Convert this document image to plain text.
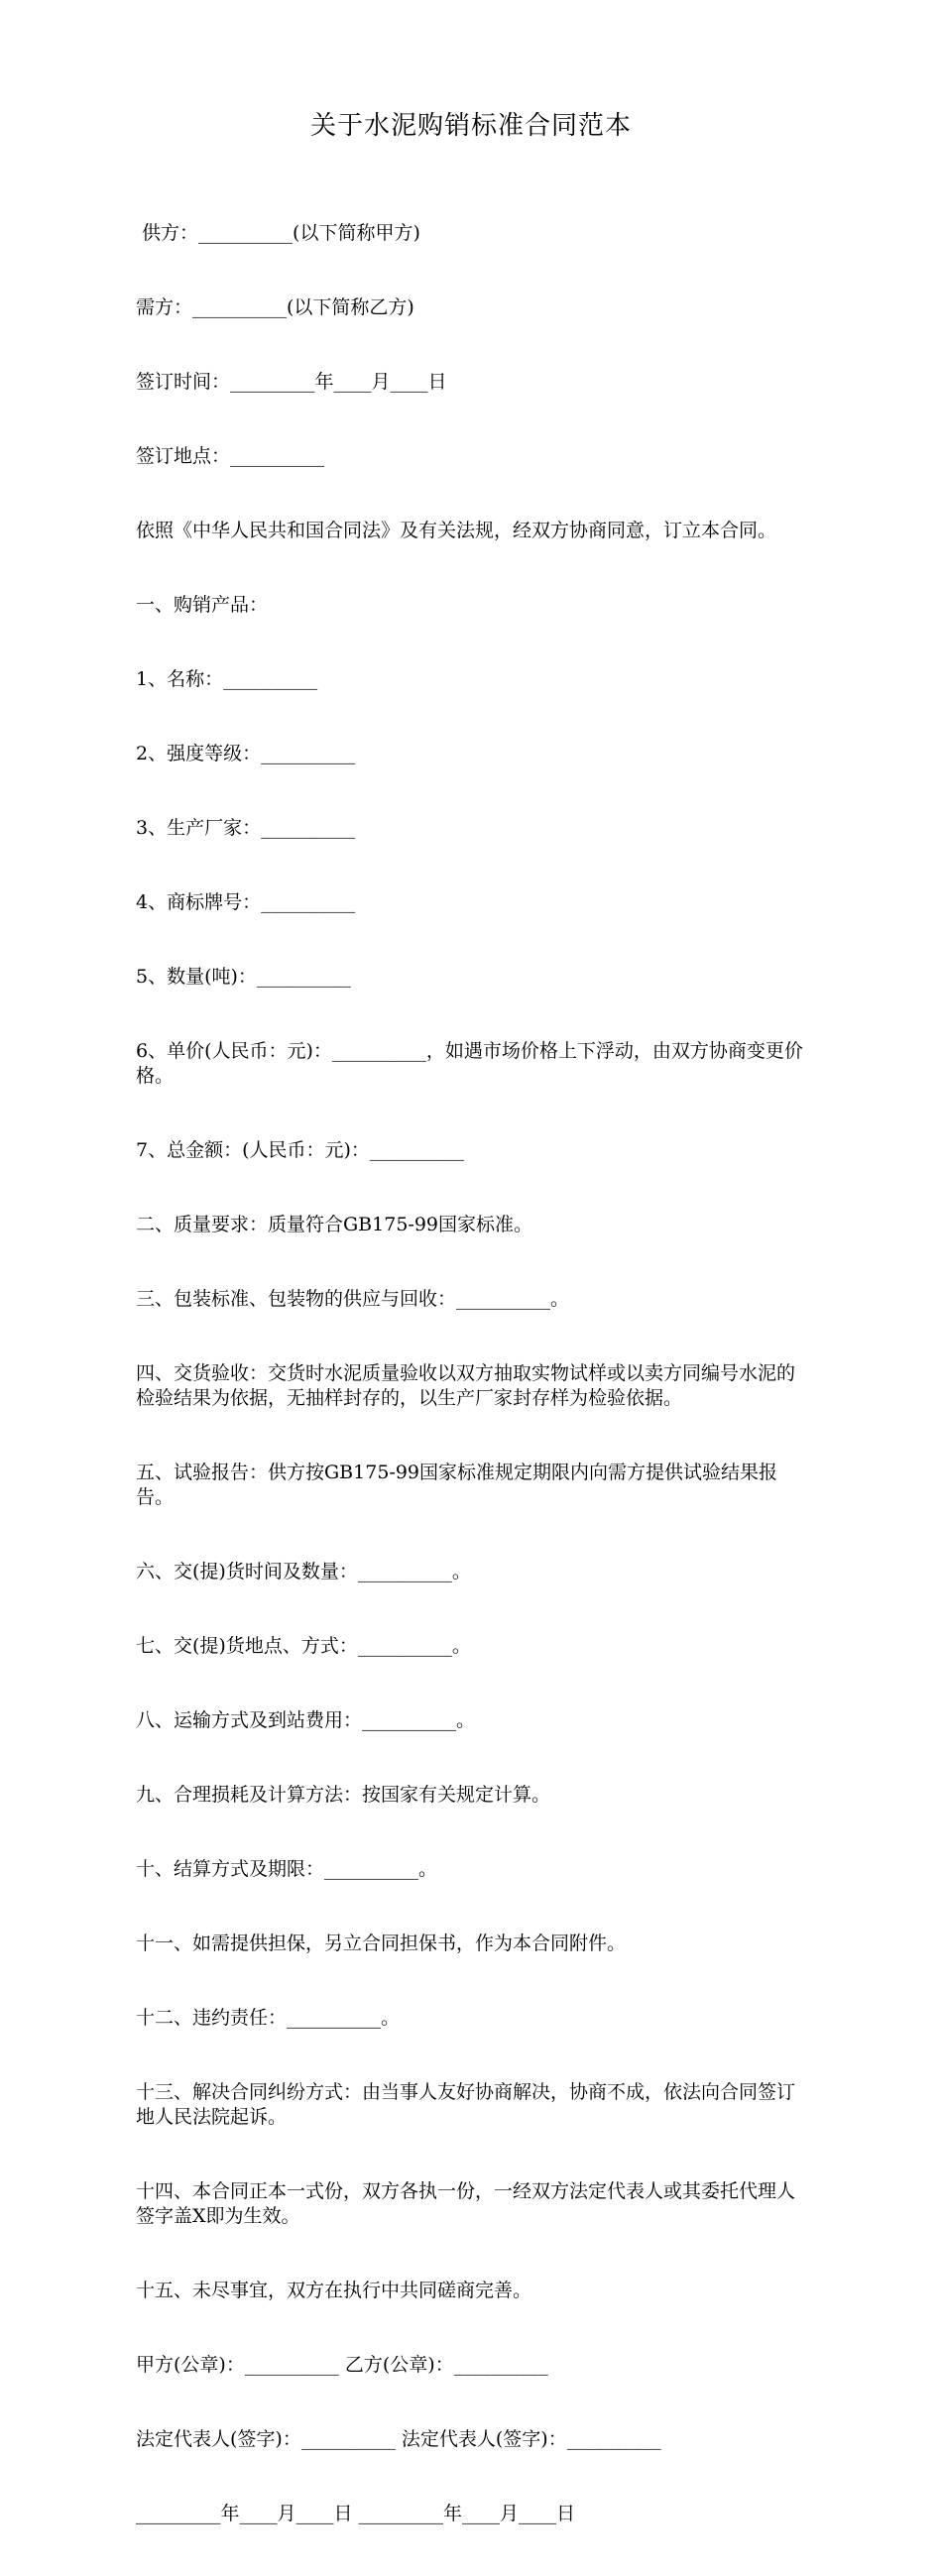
关于水泥购销标准合同范本

供方：__________(以下简称甲方)

需方：__________(以下简称乙方)

签订时间：_________年____月____日

签订地点：__________

依照《中华人民共和国合同法》及有关法规，经双方协商同意，订立本合同。

一、购销产品：

1、名称：__________

2、强度等级：__________

3、生产厂家：__________

4、商标牌号：__________

5、数量(吨)：__________

6、单价(人民币：元)：__________，如遇市场价格上下浮动，由双方协商变更价格。

7、总金额：(人民币：元)：__________

二、质量要求：质量符合GB175-99国家标准。

三、包装标准、包装物的供应与回收：__________。

四、交货验收：交货时水泥质量验收以双方抽取实物试样或以卖方同编号水泥的检验结果为依据，无抽样封存的，以生产厂家封存样为检验依据。

五、试验报告：供方按GB175-99国家标准规定期限内向需方提供试验结果报告。

六、交(提)货时间及数量：__________。

七、交(提)货地点、方式：__________。

八、运输方式及到站费用：__________。

九、合理损耗及计算方法：按国家有关规定计算。

十、结算方式及期限：__________。

十一、如需提供担保，另立合同担保书，作为本合同附件。

十二、违约责任：__________。

十三、解决合同纠纷方式：由当事人友好协商解决，协商不成，依法向合同签订地人民法院起诉。

十四、本合同正本一式份，双方各执一份，一经双方法定代表人或其委托代理人签字盖X即为生效。

十五、未尽事宜，双方在执行中共同磋商完善。

甲方(公章)：__________ 乙方(公章)：__________

法定代表人(签字)：__________ 法定代表人(签字)：__________

_________年____月____日 _________年____月____日
